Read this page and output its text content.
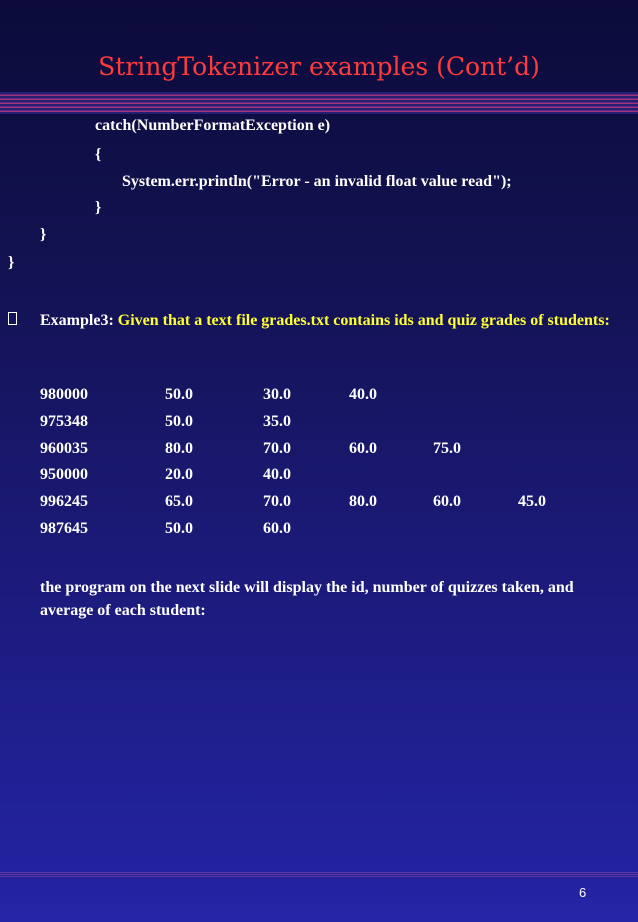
StringTokenizer examples (Cont’d)
catch(NumberFormatException e)
{
System.err.println("Error - an invalid float value read");
}
}
}
Example3: Given that a text file grades.txt contains ids and quiz grades of students:
980000	50.0	30.0	40.0
975348	50.0	35.0
960035	80.0	70.0	60.0	75.0
950000	20.0	40.0
996245	65.0	70.0	80.0	60.0	45.0
987645	50.0	60.0
the program on the next slide will display the id, number of quizzes taken, and average of each student:
6
